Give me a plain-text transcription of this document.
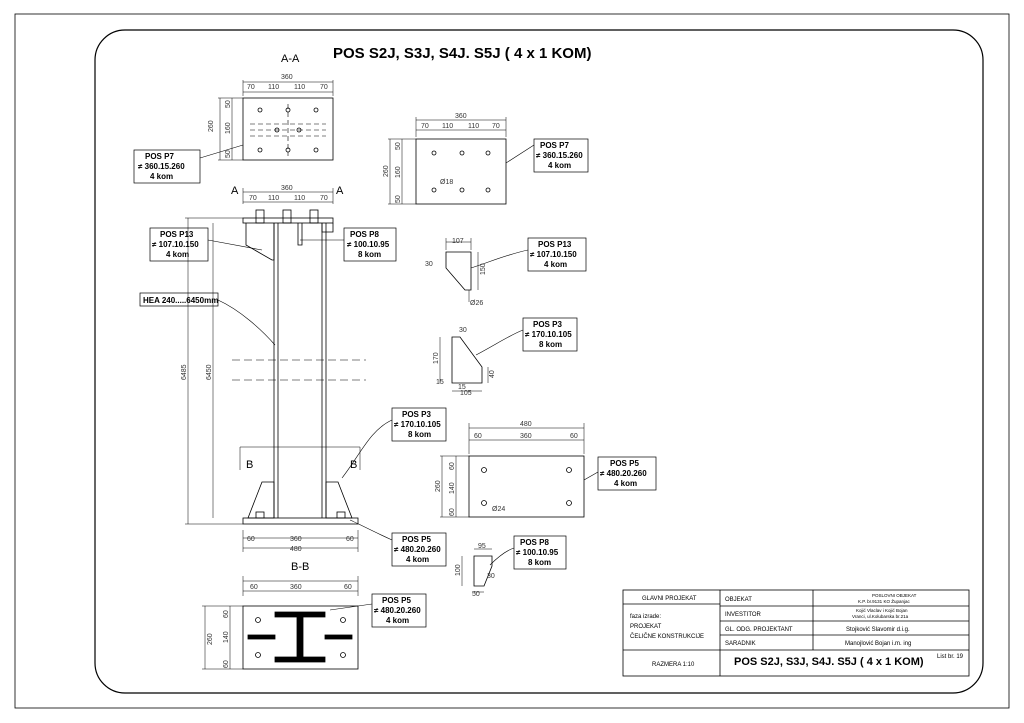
POS S2J, S3J, S4J. S5J ( 4 x 1 KOM)
A-A
360
70 110 110 70
260
50
160
50
POS P7
≠ 360.15.260
4 kom
A	A
B	B
360
70 110 110 70
6485	6450
60	360	60
480
POS P13
≠ 107.10.150
4 kom
POS P8
≠ 100.10.95
8 kom
HEA 240.....6450mm
POS P3
≠ 170.10.105
8 kom
POS P5
≠ 480.20.260
4 kom
B-B
60	360	60
260
60
140
60
POS P5
≠ 480.20.260
4 kom
360
70 110 110 70
260
50
160
50
Ø18
POS P7
≠ 360.15.260
4 kom
107
30	150
Ø26
POS P13
≠ 107.10.150
4 kom
30
170
40
15
15
105
POS P3
≠ 170.10.105
8 kom
480
60	360	60
260
60
140
60	Ø24
POS P5
≠ 480.20.260
4 kom
95
100
30
50
POS P8
≠ 100.10.95
8 kom
GLAVNI PROJEKAT	OBJEKAT
POSLOVNI OBJEKAT
K.P. br.9131 KO Županjac
faza izrade:
PROJEKAT
ČELIČNE KONSTRUKCIJE
INVESTITOR
Kojić Vlaclav i Kojić Bojan
Vranci, ul.Kolubarska br.21a
GL. ODG. PROJEKTANT	Stojković Slavomir d.i.g.
SARADNIK	Manojlović Bojan i.m. ing
RAZMERA 1:10	POS S2J, S3J, S4J. S5J ( 4 x 1 KOM) List br. 19
